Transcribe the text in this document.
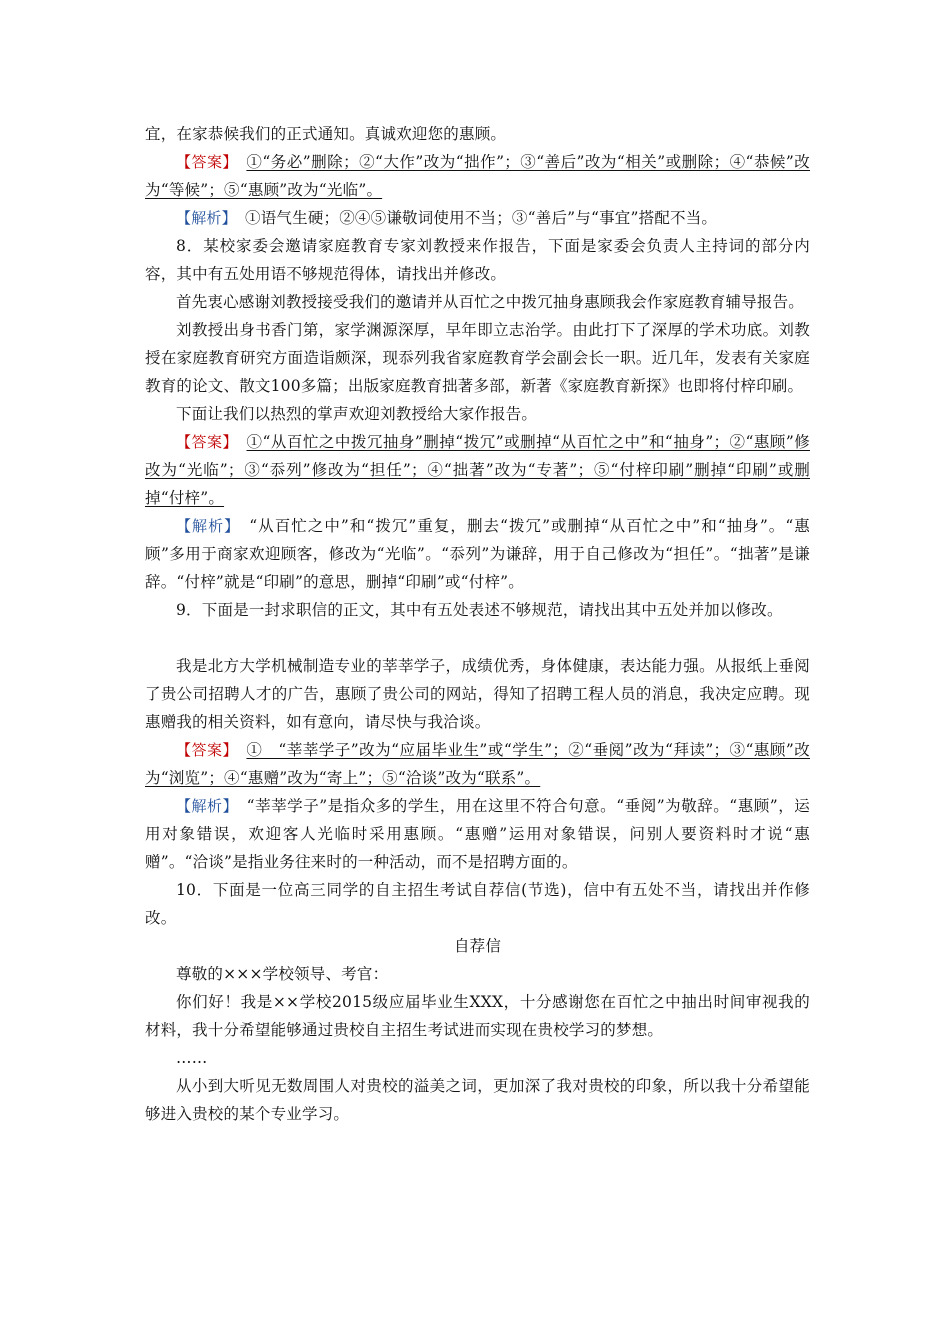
宜，在家恭候我们的正式通知。真诚欢迎您的惠顾。

【答案】　 ①“务必”删除；②“大作”改为“拙作”；③“善后”改为“相关”或删除；④“恭候”改为“等候”；⑤“惠顾”改为“光临”。

【解析】　 ①语气生硬；②④⑤谦敬词使用不当；③“善后”与“事宜”搭配不当。

8．某校家委会邀请家庭教育专家刘教授来作报告，下面是家委会负责人主持词的部分内容，其中有五处用语不够规范得体，请找出并修改。

首先衷心感谢刘教授接受我们的邀请并从百忙之中拨冗抽身惠顾我会作家庭教育辅导报告。

刘教授出身书香门第，家学渊源深厚，早年即立志治学。由此打下了深厚的学术功底。刘教授在家庭教育研究方面造诣颇深，现忝列我省家庭教育学会副会长一职。近几年，发表有关家庭教育的论文、散文100多篇；出版家庭教育拙著多部，新著《家庭教育新探》也即将付梓印刷。

下面让我们以热烈的掌声欢迎刘教授给大家作报告。

【答案】　 ①“从百忙之中拨冗抽身”删掉“拨冗”或删掉“从百忙之中”和“抽身”；②“惠顾”修改为“光临”；③“忝列”修改为“担任”；④“拙著”改为“专著”；⑤“付梓印刷”删掉“印刷”或删掉“付梓”。

【解析】　 “从百忙之中”和“拨冗”重复，删去“拨冗”或删掉“从百忙之中”和“抽身”。“惠顾”多用于商家欢迎顾客，修改为“光临”。“忝列”为谦辞，用于自己修改为“担任”。“拙著”是谦辞。“付梓”就是“印刷”的意思，删掉“印刷”或“付梓”。

9．下面是一封求职信的正文，其中有五处表述不够规范，请找出其中五处并加以修改。

我是北方大学机械制造专业的莘莘学子，成绩优秀，身体健康，表达能力强。从报纸上垂阅了贵公司招聘人才的广告，惠顾了贵公司的网站，得知了招聘工程人员的消息，我决定应聘。现惠赠我的相关资料，如有意向，请尽快与我洽谈。

【答案】　 ①　“莘莘学子”改为“应届毕业生”或“学生”；②“垂阅”改为“拜读”；③“惠顾”改为“浏览”；④“惠赠”改为“寄上”；⑤“洽谈”改为“联系”。

【解析】　 “莘莘学子”是指众多的学生，用在这里不符合句意。“垂阅”为敬辞。“惠顾”，运用对象错误，欢迎客人光临时采用惠顾。“惠赠”运用对象错误，问别人要资料时才说“惠赠”。“洽谈”是指业务往来时的一种活动，而不是招聘方面的。

10．下面是一位高三同学的自主招生考试自荐信(节选)，信中有五处不当，请找出并作修改。

自荐信

尊敬的×××学校领导、考官：

你们好！我是××学校2015级应届毕业生XXX，十分感谢您在百忙之中抽出时间审视我的材料，我十分希望能够通过贵校自主招生考试进而实现在贵校学习的梦想。

……

从小到大听见无数周围人对贵校的溢美之词，更加深了我对贵校的印象，所以我十分希望能够进入贵校的某个专业学习。
